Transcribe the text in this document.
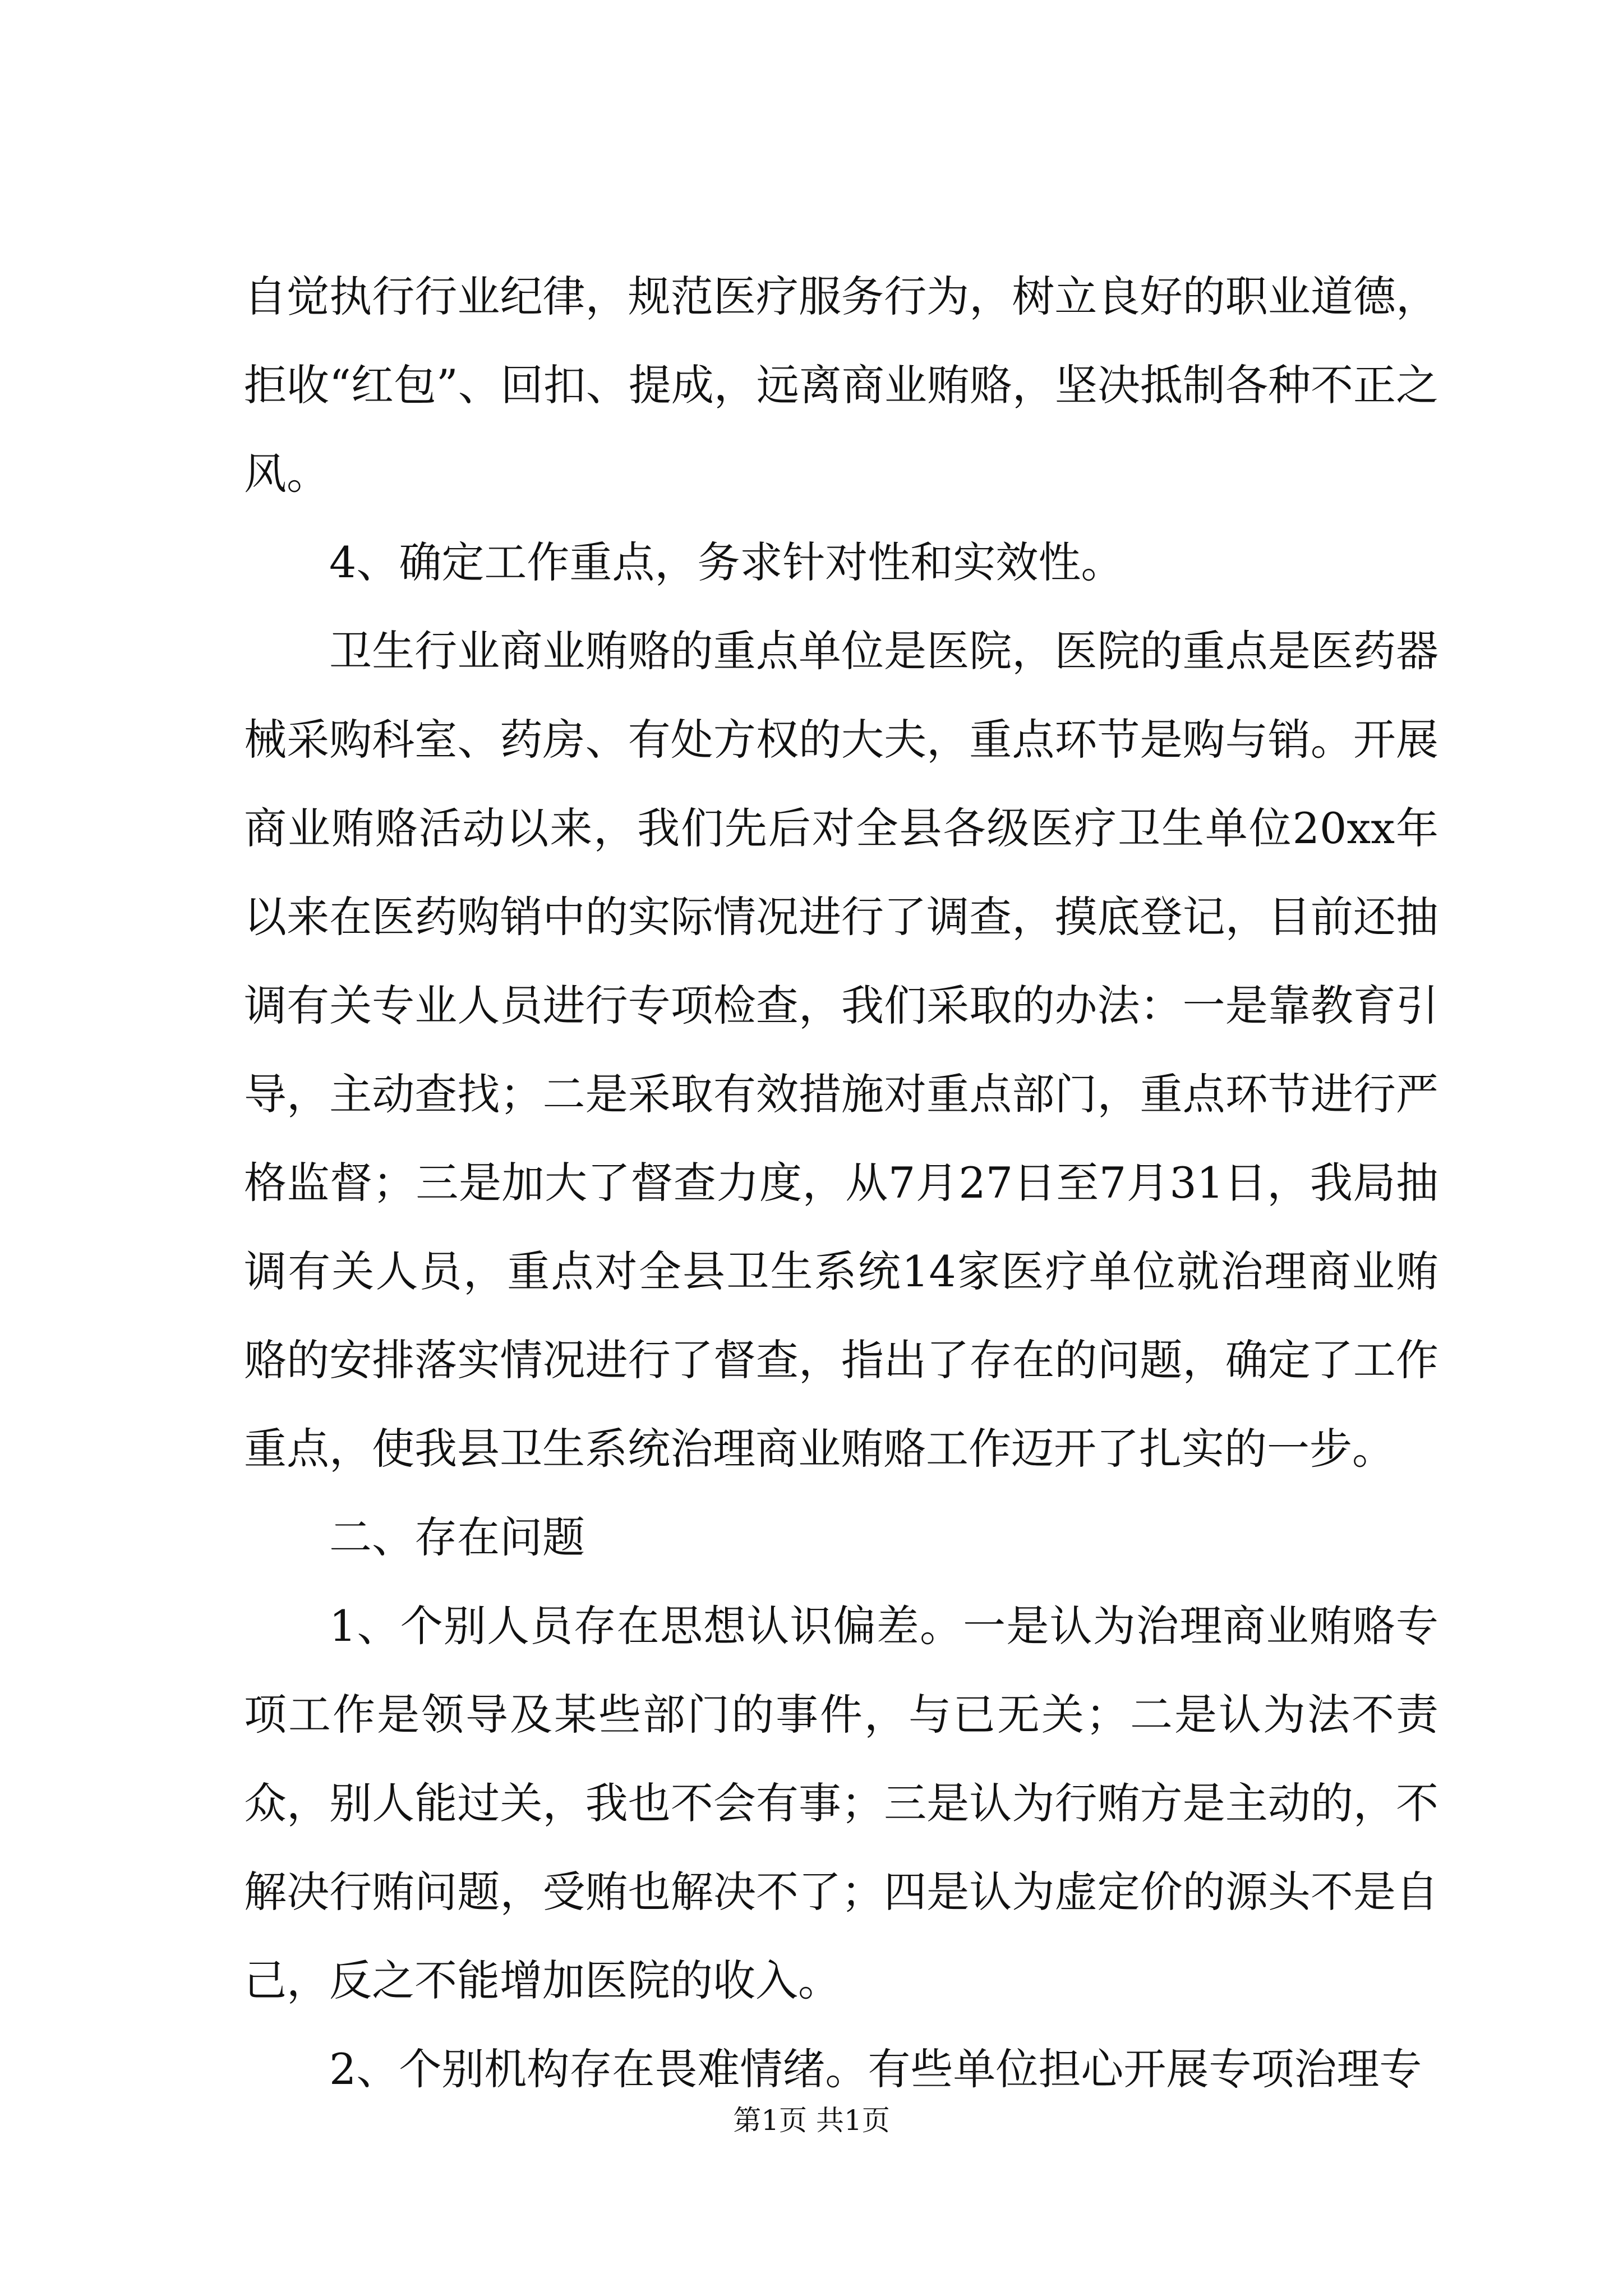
自觉执行行业纪律，规范医疗服务行为，树立良好的职业道德，拒收“红包”、回扣、提成，远离商业贿赂，坚决抵制各种不正之风。

4、确定工作重点，务求针对性和实效性。

卫生行业商业贿赂的重点单位是医院，医院的重点是医药器械采购科室、药房、有处方权的大夫，重点环节是购与销。开展商业贿赂活动以来，我们先后对全县各级医疗卫生单位20xx年以来在医药购销中的实际情况进行了调查，摸底登记，目前还抽调有关专业人员进行专项检查，我们采取的办法：一是靠教育引导，主动查找；二是采取有效措施对重点部门，重点环节进行严格监督；三是加大了督查力度，从7月27日至7月31日，我局抽调有关人员，重点对全县卫生系统14家医疗单位就治理商业贿赂的安排落实情况进行了督查，指出了存在的问题，确定了工作重点，使我县卫生系统治理商业贿赂工作迈开了扎实的一步。

二、存在问题

1、个别人员存在思想认识偏差。一是认为治理商业贿赂专项工作是领导及某些部门的事件，与已无关；二是认为法不责众，别人能过关，我也不会有事；三是认为行贿方是主动的，不解决行贿问题，受贿也解决不了；四是认为虚定价的源头不是自己，反之不能增加医院的收入。

2、个别机构存在畏难情绪。有些单位担心开展专项治理专

第1页 共1页
